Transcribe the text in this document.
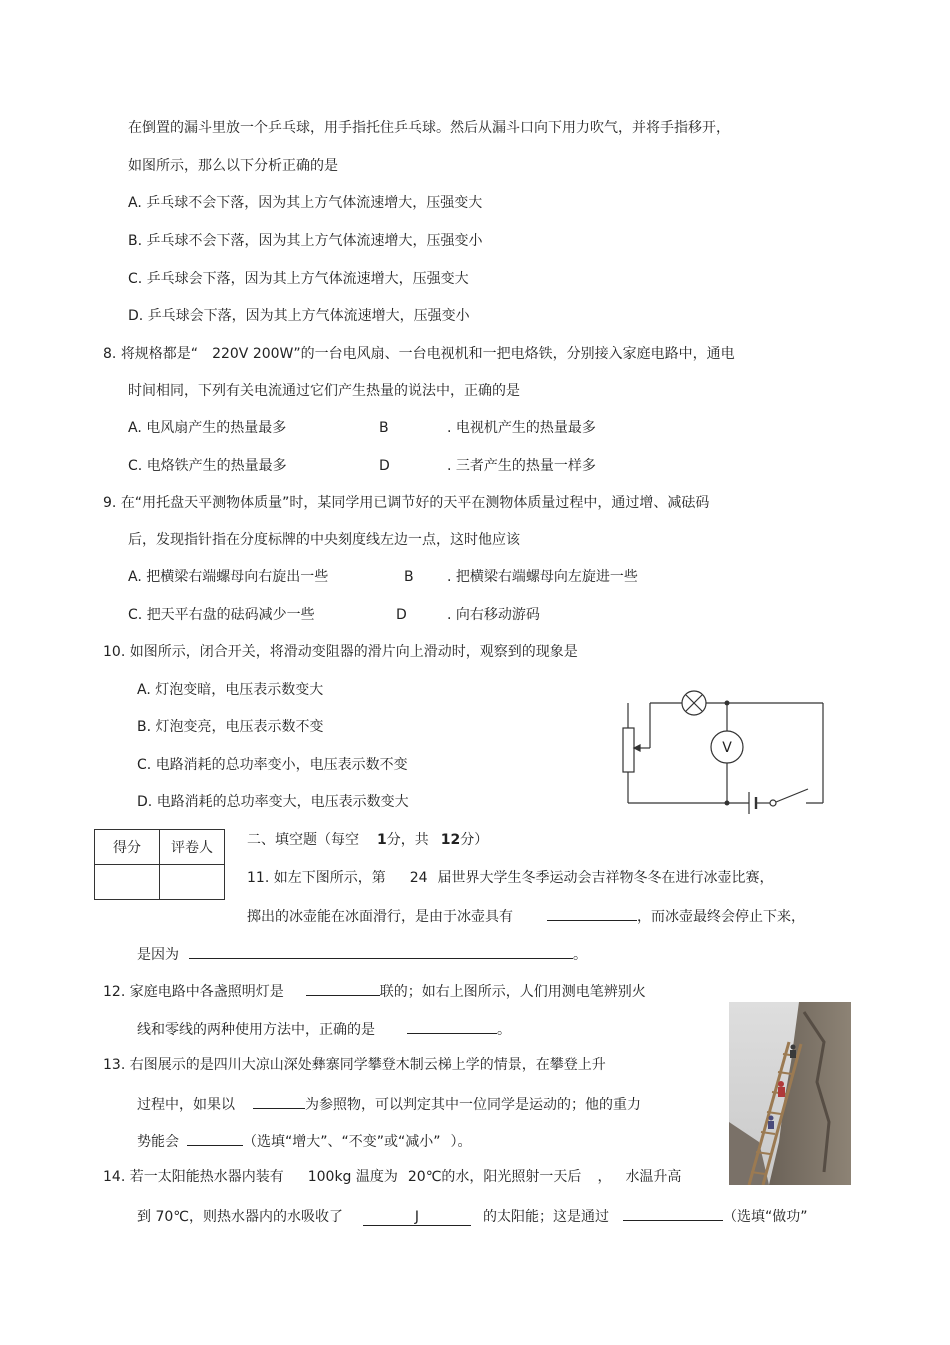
在倒置的漏斗里放一个乒乓球，用手指托住乒乓球。然后从漏斗口向下用力吹气，并将手指移开，
如图所示，那么以下分析正确的是
A. 乒乓球不会下落，因为其上方气体流速增大，压强变大
B. 乒乓球不会下落，因为其上方气体流速增大，压强变小
C. 乒乓球会下落，因为其上方气体流速增大，压强变大
D. 乒乓球会下落，因为其上方气体流速增大，压强变小
8. 将规格都是“ 220V 200W”的一台电风扇、一台电视机和一把电烙铁，分别接入家庭电路中，通电
时间相同，下列有关电流通过它们产生热量的说法中，正确的是
A. 电风扇产生的热量最多	B	. 电视机产生的热量最多
C. 电烙铁产生的热量最多	D	. 三者产生的热量一样多
9. 在“用托盘天平测物体质量”时，某同学用已调节好的天平在测物体质量过程中，通过增、减砝码
后，发现指针指在分度标牌的中央刻度线左边一点，这时他应该
A. 把横梁右端螺母向右旋出一些	B . 把横梁右端螺母向左旋进一些
C. 把天平右盘的砝码减少一些	D	. 向右移动游码
10. 如图所示，闭合开关，将滑动变阻器的滑片向上滑动时，观察到的现象是
A. 灯泡变暗，电压表示数变大
B. 灯泡变亮，电压表示数不变
C. 电路消耗的总功率变小，电压表示数不变
D. 电路消耗的总功率变大，电压表示数变大
V
得分	评卷人
	二、填空题（每空 1分，共 12分）
11. 如左下图所示，第 24 届世界大学生冬季运动会吉祥物冬冬在进行冰壶比赛，
掷出的冰壶能在冰面滑行，是由于冰壶具有	，而冰壶最终会停止下来，
是因为	。
12. 家庭电路中各盏照明灯是	联的；如右上图所示，人们用测电笔辨别火
线和零线的两种使用方法中，正确的是	。
13. 右图展示的是四川大凉山深处彝寨同学攀登木制云梯上学的情景，在攀登上升
过程中，如果以	为参照物，可以判定其中一位同学是运动的；他的重力
势能会	（选填“增大”、“不变”或“减小” ）。
14. 若一太阳能热水器内装有 100kg 温度为 20℃的水，阳光照射一天后 ， 水温升高
到 70℃，则热水器内的水吸收了	J	的太阳能；这是通过	（选填“做功”
